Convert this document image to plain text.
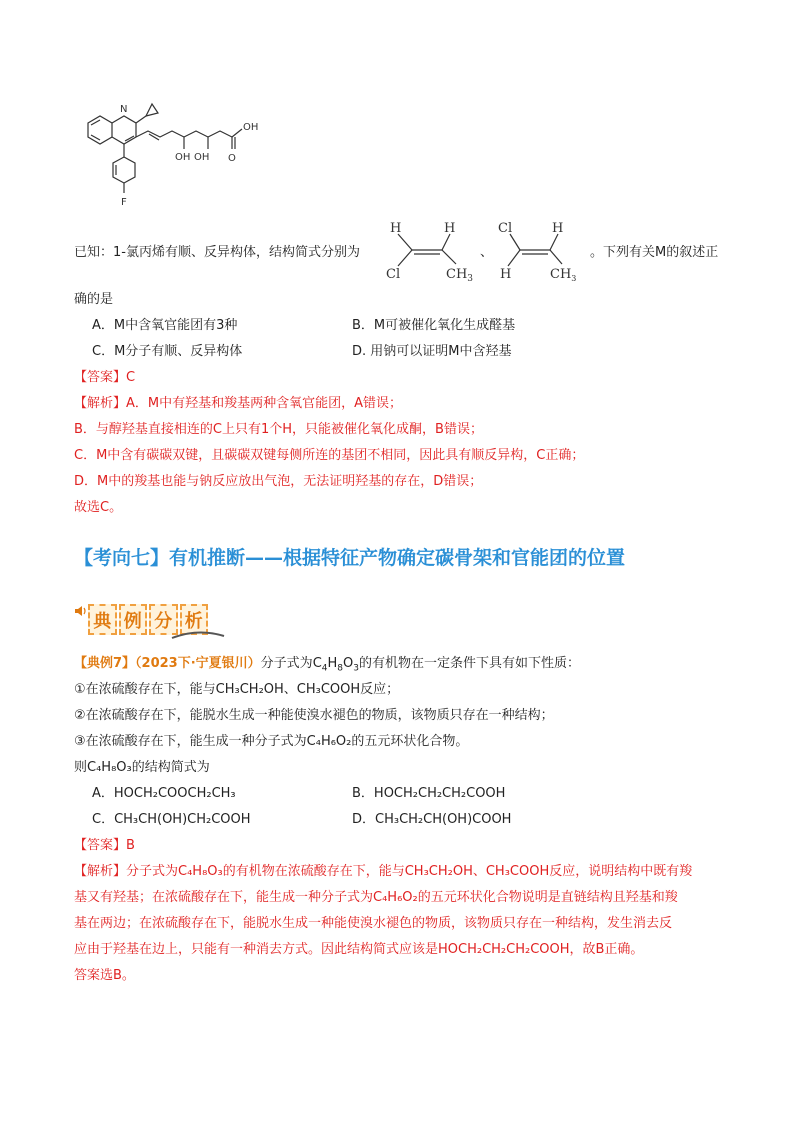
N
OH OH O
OH
F
已知：1-氯丙烯有顺、反异构体，结构简式分别为
H	H
Cl	$CH_3$
、
Cl	H
H	$CH_3$
。下列有关M的叙述正
确的是
A．M中含氧官能团有3种	B．M可被催化氧化生成醛基
C．M分子有顺、反异构体	D. 用钠可以证明M中含羟基
【答案】C
【解析】A．M中有羟基和羧基两种含氧官能团，A错误；
B．与醇羟基直接相连的C上只有1个H，只能被催化氧化成酮，B错误；
C．M中含有碳碳双键，且碳碳双键每侧所连的基团不相同，因此具有顺反异构，C正确；
D．M中的羧基也能与钠反应放出气泡，无法证明羟基的存在，D错误；
故选C。
【考向七】有机推断——根据特征产物确定碳骨架和官能团的位置
典 例 分 析
【典例7】（2023下·宁夏银川）分子式为$C_4H_8O_3$的有机物在一定条件下具有如下性质：
①在浓硫酸存在下，能与CH₃CH₂OH、CH₃COOH反应；
②在浓硫酸存在下，能脱水生成一种能使溴水褪色的物质，该物质只存在一种结构；
③在浓硫酸存在下，能生成一种分子式为C₄H₆O₂的五元环状化合物。
则C₄H₈O₃的结构简式为
A．HOCH₂COOCH₂CH₃	B．HOCH₂CH₂CH₂COOH
C．CH₃CH(OH)CH₂COOH	D．CH₃CH₂CH(OH)COOH
【答案】B
【解析】分子式为C₄H₈O₃的有机物在浓硫酸存在下，能与CH₃CH₂OH、CH₃COOH反应，说明结构中既有羧
基又有羟基；在浓硫酸存在下，能生成一种分子式为C₄H₆O₂的五元环状化合物说明是直链结构且羟基和羧
基在两边；在浓硫酸存在下，能脱水生成一种能使溴水褪色的物质，该物质只存在一种结构，发生消去反
应由于羟基在边上，只能有一种消去方式。因此结构简式应该是HOCH₂CH₂CH₂COOH，故B正确。
答案选B。
